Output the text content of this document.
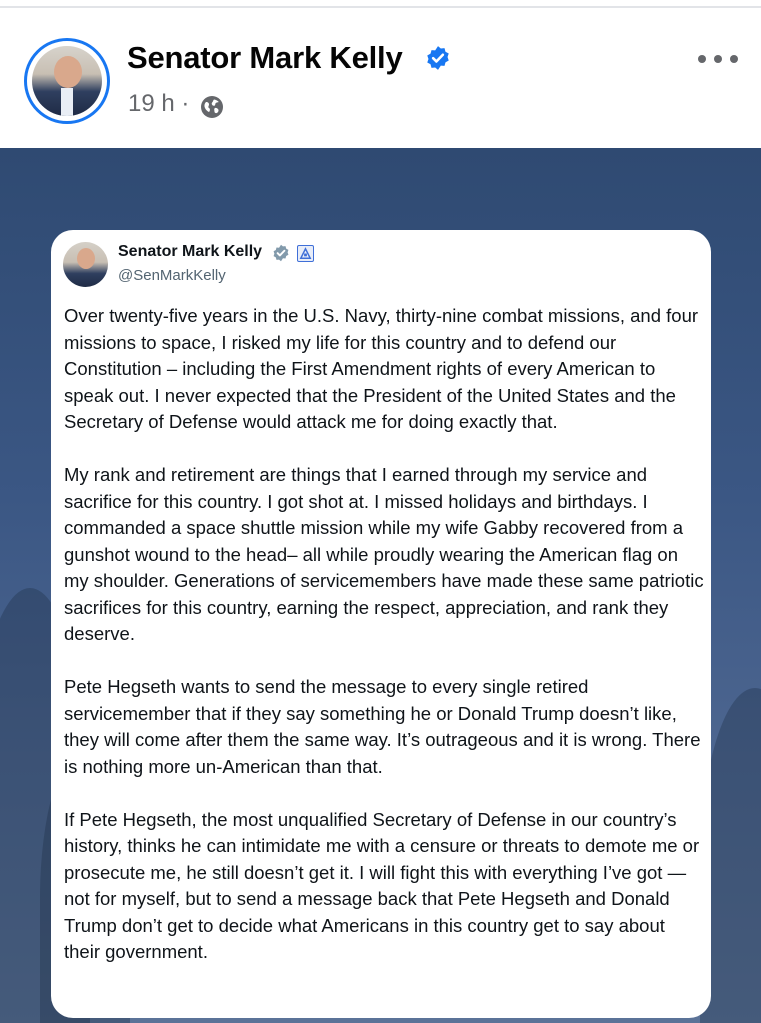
Senator Mark Kelly
19 h ·
Senator Mark Kelly
@SenMarkKelly

Over twenty-five years in the U.S. Navy, thirty-nine combat missions, and four missions to space, I risked my life for this country and to defend our Constitution – including the First Amendment rights of every American to speak out. I never expected that the President of the United States and the Secretary of Defense would attack me for doing exactly that.

My rank and retirement are things that I earned through my service and sacrifice for this country. I got shot at. I missed holidays and birthdays. I commanded a space shuttle mission while my wife Gabby recovered from a gunshot wound to the head– all while proudly wearing the American flag on my shoulder. Generations of servicemembers have made these same patriotic sacrifices for this country, earning the respect, appreciation, and rank they deserve.

Pete Hegseth wants to send the message to every single retired servicemember that if they say something he or Donald Trump doesn’t like, they will come after them the same way. It’s outrageous and it is wrong. There is nothing more un-American than that.

If Pete Hegseth, the most unqualified Secretary of Defense in our country’s history, thinks he can intimidate me with a censure or threats to demote me or prosecute me, he still doesn’t get it. I will fight this with everything I’ve got — not for myself, but to send a message back that Pete Hegseth and Donald Trump don’t get to decide what Americans in this country get to say about their government.
